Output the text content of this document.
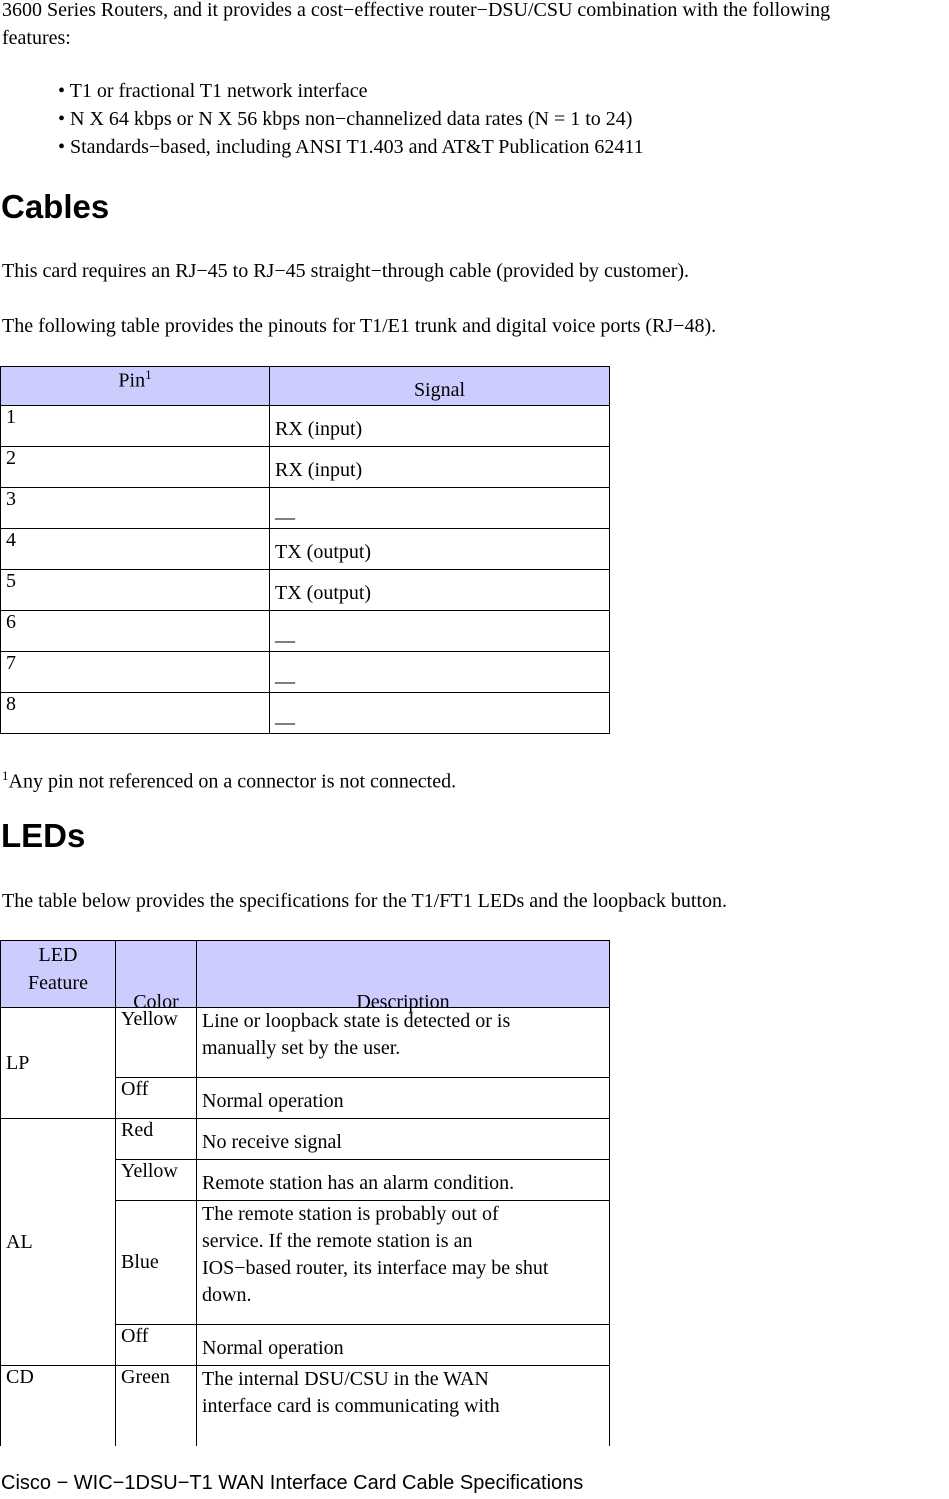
3600 Series Routers, and it provides a cost−effective router−DSU/CSU combination with the following
features:
• T1 or fractional T1 network interface
• N X 64 kbps or N X 56 kbps non−channelized data rates (N = 1 to 24)
• Standards−based, including ANSI T1.403 and AT&T Publication 62411
Cables
This card requires an RJ−45 to RJ−45 straight−through cable (provided by customer).
The following table provides the pinouts for T1/E1 trunk and digital voice ports (RJ−48).
Pin$^1$	Signal
1	RX (input)
2	RX (input)
3	__
4	TX (output)
5	TX (output)
6	__
7	__
8	__
$^1$Any pin not referenced on a connector is not connected.
LEDs
The table below provides the specifications for the T1/FT1 LEDs and the loopback button.
LED
Feature	Color	Description
LP	Yellow	Line or loopback state is detected or is
manually set by the user.
	Off	Normal operation
AL	Red	No receive signal
	Yellow	Remote station has an alarm condition.
	Blue	The remote station is probably out of
service. If the remote station is an
IOS−based router, its interface may be shut
down.
	Off	Normal operation
CD	Green	The internal DSU/CSU in the WAN
interface card is communicating with
Cisco − WIC−1DSU−T1 WAN Interface Card Cable Specifications
